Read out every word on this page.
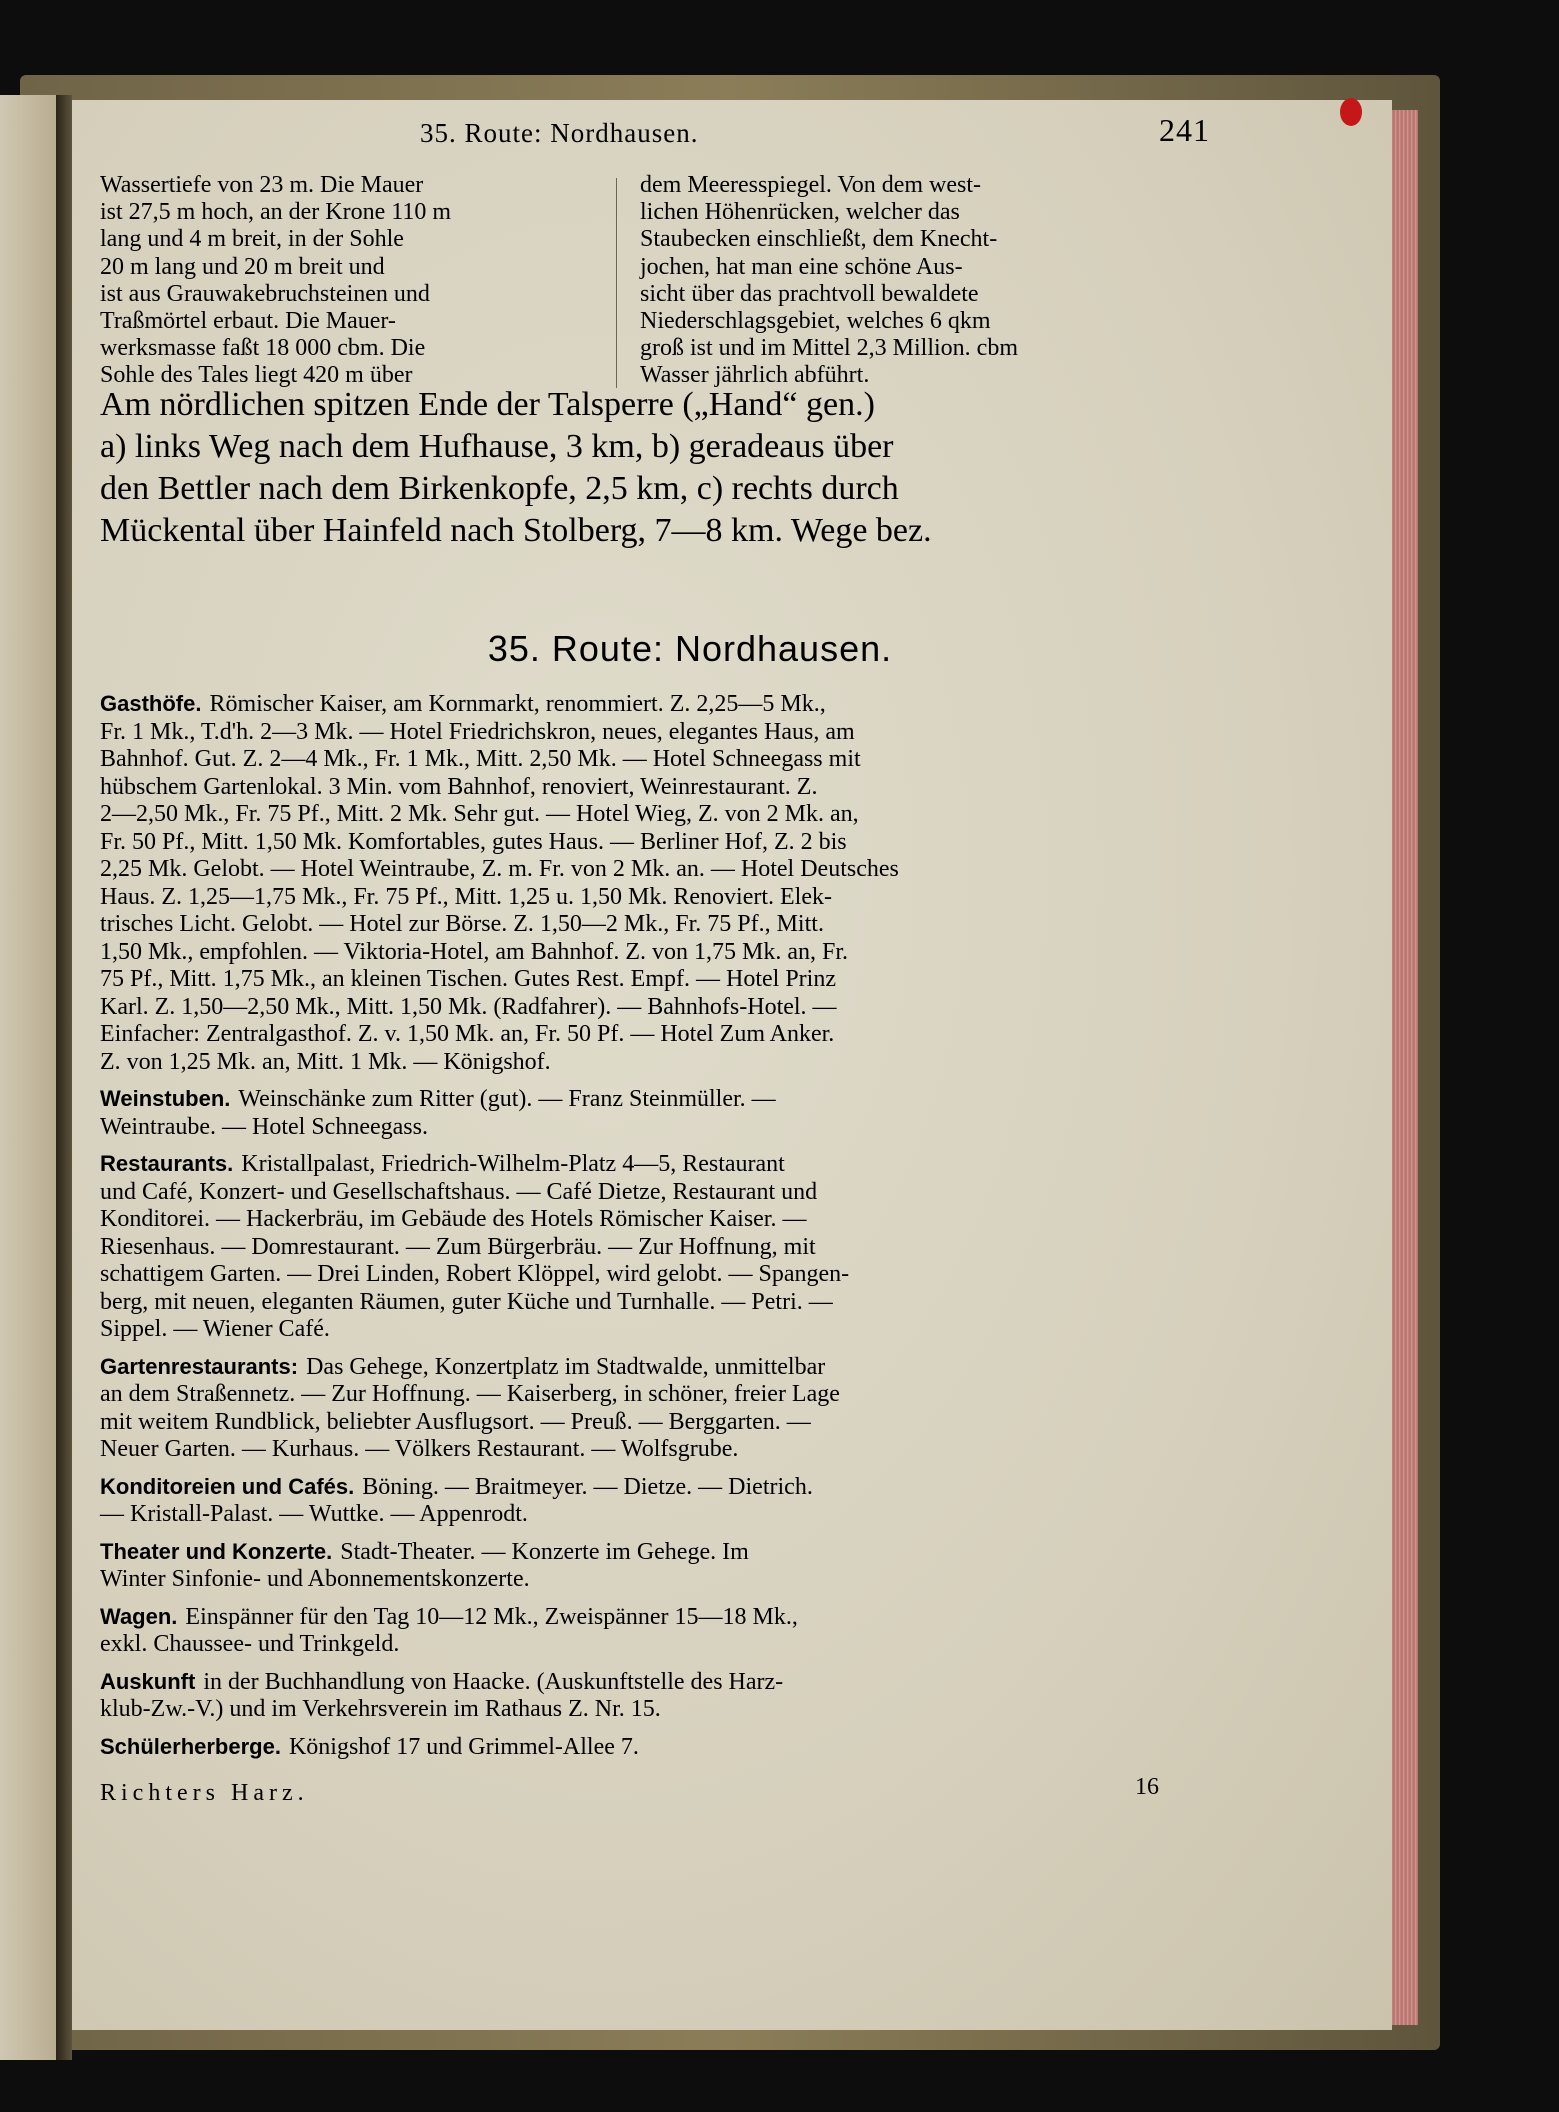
35. Route: Nordhausen.	241
Wassertiefe von 23 m. Die Mauer
ist 27,5 m hoch, an der Krone 110 m
lang und 4 m breit, in der Sohle
20 m lang und 20 m breit und
ist aus Grauwakebruchsteinen und
Traßmörtel erbaut. Die Mauer-
werksmasse faßt 18 000 cbm. Die
Sohle des Tales liegt 420 m über
dem Meeresspiegel. Von dem west-
lichen Höhenrücken, welcher das
Staubecken einschließt, dem Knecht-
jochen, hat man eine schöne Aus-
sicht über das prachtvoll bewaldete
Niederschlagsgebiet, welches 6 qkm
groß ist und im Mittel 2,3 Million. cbm
Wasser jährlich abführt.
Am nördlichen spitzen Ende der Talsperre („Hand“ gen.)
a) links Weg nach dem Hufhause, 3 km, b) geradeaus über
den Bettler nach dem Birkenkopfe, 2,5 km, c) rechts durch
Mückental über Hainfeld nach Stolberg, 7—8 km. Wege bez.
35. Route: Nordhausen.
Gasthöfe. Römischer Kaiser, am Kornmarkt, renommiert. Z. 2,25—5 Mk.,
Fr. 1 Mk., T.d'h. 2—3 Mk. — Hotel Friedrichskron, neues, elegantes Haus, am
Bahnhof. Gut. Z. 2—4 Mk., Fr. 1 Mk., Mitt. 2,50 Mk. — Hotel Schneegass mit
hübschem Gartenlokal. 3 Min. vom Bahnhof, renoviert, Weinrestaurant. Z.
2—2,50 Mk., Fr. 75 Pf., Mitt. 2 Mk. Sehr gut. — Hotel Wieg, Z. von 2 Mk. an,
Fr. 50 Pf., Mitt. 1,50 Mk. Komfortables, gutes Haus. — Berliner Hof, Z. 2 bis
2,25 Mk. Gelobt. — Hotel Weintraube, Z. m. Fr. von 2 Mk. an. — Hotel Deutsches
Haus. Z. 1,25—1,75 Mk., Fr. 75 Pf., Mitt. 1,25 u. 1,50 Mk. Renoviert. Elek-
trisches Licht. Gelobt. — Hotel zur Börse. Z. 1,50—2 Mk., Fr. 75 Pf., Mitt.
1,50 Mk., empfohlen. — Viktoria-Hotel, am Bahnhof. Z. von 1,75 Mk. an, Fr.
75 Pf., Mitt. 1,75 Mk., an kleinen Tischen. Gutes Rest. Empf. — Hotel Prinz
Karl. Z. 1,50—2,50 Mk., Mitt. 1,50 Mk. (Radfahrer). — Bahnhofs-Hotel. —
Einfacher: Zentralgasthof. Z. v. 1,50 Mk. an, Fr. 50 Pf. — Hotel Zum Anker.
Z. von 1,25 Mk. an, Mitt. 1 Mk. — Königshof.
Weinstuben. Weinschänke zum Ritter (gut). — Franz Steinmüller. —
Weintraube. — Hotel Schneegass.
Restaurants. Kristallpalast, Friedrich-Wilhelm-Platz 4—5, Restaurant
und Café, Konzert- und Gesellschaftshaus. — Café Dietze, Restaurant und
Konditorei. — Hackerbräu, im Gebäude des Hotels Römischer Kaiser. —
Riesenhaus. — Domrestaurant. — Zum Bürgerbräu. — Zur Hoffnung, mit
schattigem Garten. — Drei Linden, Robert Klöppel, wird gelobt. — Spangen-
berg, mit neuen, eleganten Räumen, guter Küche und Turnhalle. — Petri. —
Sippel. — Wiener Café.
Gartenrestaurants: Das Gehege, Konzertplatz im Stadtwalde, unmittelbar
an dem Straßennetz. — Zur Hoffnung. — Kaiserberg, in schöner, freier Lage
mit weitem Rundblick, beliebter Ausflugsort. — Preuß. — Berggarten. —
Neuer Garten. — Kurhaus. — Völkers Restaurant. — Wolfsgrube.
Konditoreien und Cafés. Böning. — Braitmeyer. — Dietze. — Dietrich.
— Kristall-Palast. — Wuttke. — Appenrodt.
Theater und Konzerte. Stadt-Theater. — Konzerte im Gehege. Im
Winter Sinfonie- und Abonnementskonzerte.
Wagen. Einspänner für den Tag 10—12 Mk., Zweispänner 15—18 Mk.,
exkl. Chaussee- und Trinkgeld.
Auskunft in der Buchhandlung von Haacke. (Auskunftstelle des Harz-
klub-Zw.-V.) und im Verkehrsverein im Rathaus Z. Nr. 15.
Schülerherberge. Königshof 17 und Grimmel-Allee 7.
Richters Harz.	16
